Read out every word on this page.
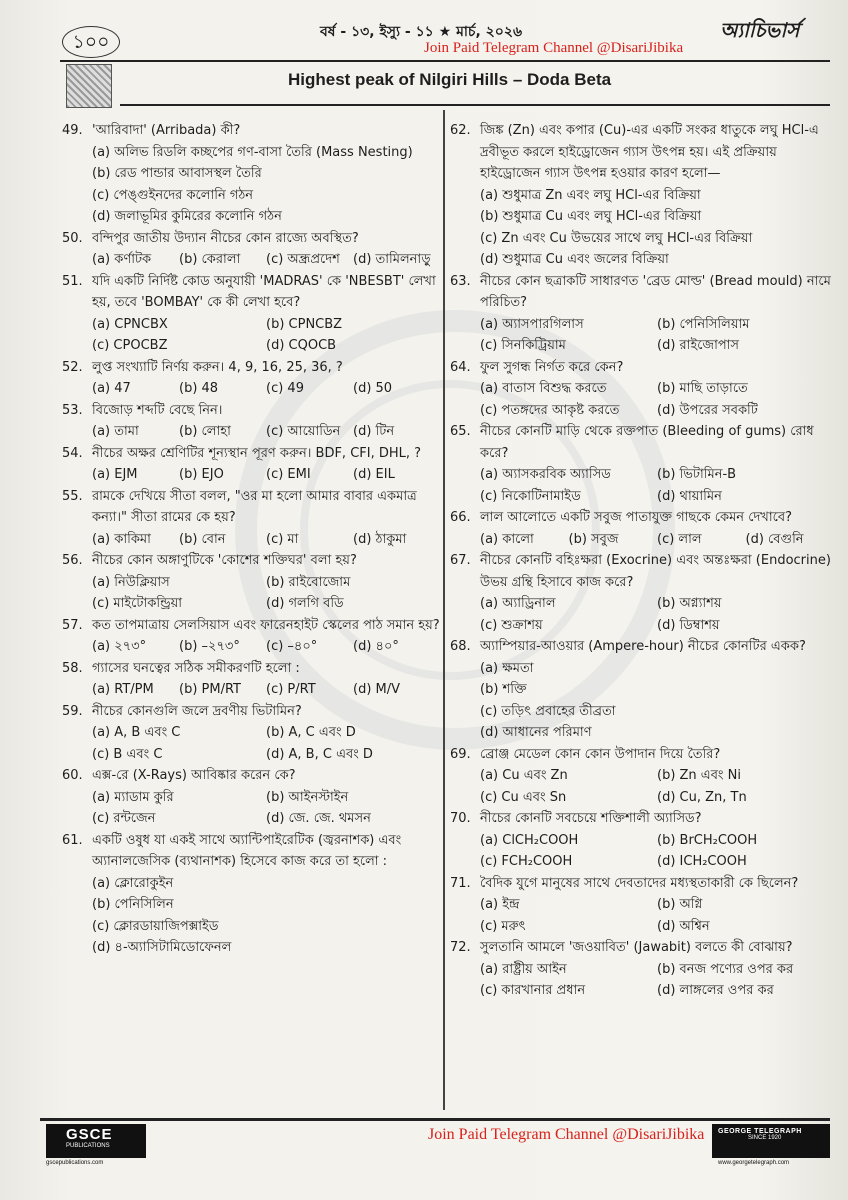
১০০	বর্ষ - ১৩, ইস্যু - ১১ ★ মার্চ, ২০২৬	অ্যাচিভার্স
Join Paid Telegram Channel @DisariJibika
Highest peak of Nilgiri Hills – Doda Beta
49. 'আরিবাদা' (Arribada) কী?
(a) অলিভ রিডলি কচ্ছপের গণ-বাসা তৈরি (Mass Nesting)
(b) রেড পান্ডার আবাসস্থল তৈরি
(c) পেঙ্গুইনদের কলোনি গঠন
(d) জলাভূমির কুমিরের কলোনি গঠন
50. বন্দিপুর জাতীয় উদ্যান নীচের কোন রাজ্যে অবস্থিত?
(a) কর্ণাটক	(b) কেরালা	(c) অন্ধ্রপ্রদেশ	(d) তামিলনাড়ু
51. যদি একটি নির্দিষ্ট কোড অনুযায়ী 'MADRAS' কে 'NBESBT' লেখা হয়, তবে 'BOMBAY' কে কী লেখা হবে?
(a) CPNCBX	(b) CPNCBZ
(c) CPOCBZ	(d) CQOCB
52. লুপ্ত সংখ্যাটি নির্ণয় করুন। 4, 9, 16, 25, 36, ?
(a) 47	(b) 48	(c) 49	(d) 50
53. বিজোড় শব্দটি বেছে নিন।
(a) তামা	(b) লোহা	(c) আয়োডিন (d) টিন
54. নীচের অক্ষর শ্রেণিটির শূন্যস্থান পূরণ করুন। BDF, CFI, DHL, ?
(a) EJM	(b) EJO	(c) EMI	(d) EIL
55. রামকে দেখিয়ে সীতা বলল, "ওর মা হলো আমার বাবার একমাত্র কন্যা।" সীতা রামের কে হয়?
(a) কাকিমা	(b) বোন	(c) মা	(d) ঠাকুমা
56. নীচের কোন অঙ্গাণুটিকে 'কোশের শক্তিঘর' বলা হয়?
(a) নিউক্লিয়াস	(b) রাইবোজোম
(c) মাইটোকন্ড্রিয়া	(d) গলগি বডি
57. কত তাপমাত্রায় সেলসিয়াস এবং ফারেনহাইট স্কেলের পাঠ সমান হয়?
(a) ২৭৩°	(b) –২৭৩°	(c) –৪০°	(d) ৪০°
58. গ্যাসের ঘনত্বের সঠিক সমীকরণটি হলো :
(a) RT/PM	(b) PM/RT	(c) P/RT	(d) M/V
59. নীচের কোনগুলি জলে দ্রবণীয় ভিটামিন?
(a) A, B এবং C	(b) A, C এবং D
(c) B এবং C	(d) A, B, C এবং D
60. এক্স-রে (X-Rays) আবিষ্কার করেন কে?
(a) ম্যাডাম কুরি	(b) আইনস্টাইন
(c) রন্টজেন	(d) জে. জে. থমসন
61. একটি ওষুধ যা একই সাথে অ্যান্টিপাইরেটিক (জ্বরনাশক) এবং অ্যানালজেসিক (ব্যথানাশক) হিসেবে কাজ করে তা হলো :
(a) ক্লোরোকুইন
(b) পেনিসিলিন
(c) ক্লোরডায়াজিপক্সাইড
(d) ৪-অ্যাসিটামিডোফেনল
62. জিঙ্ক (Zn) এবং কপার (Cu)-এর একটি সংকর ধাতুকে লঘু HCl-এ দ্রবীভূত করলে হাইড্রোজেন গ্যাস উৎপন্ন হয়। এই প্রক্রিয়ায় হাইড্রোজেন গ্যাস উৎপন্ন হওয়ার কারণ হলো—
(a) শুধুমাত্র Zn এবং লঘু HCl-এর বিক্রিয়া
(b) শুধুমাত্র Cu এবং লঘু HCl-এর বিক্রিয়া
(c) Zn এবং Cu উভয়ের সাথে লঘু HCl-এর বিক্রিয়া
(d) শুধুমাত্র Cu এবং জলের বিক্রিয়া
63. নীচের কোন ছত্রাকটি সাধারণত 'ব্রেড মোল্ড' (Bread mould) নামে পরিচিত?
(a) অ্যাসপারগিলাস	(b) পেনিসিলিয়াম
(c) সিনকিট্রিয়াম	(d) রাইজোপাস
64. ফুল সুগন্ধ নির্গত করে কেন?
(a) বাতাস বিশুদ্ধ করতে	(b) মাছি তাড়াতে
(c) পতঙ্গদের আকৃষ্ট করতে	(d) উপরের সবকটি
65. নীচের কোনটি মাড়ি থেকে রক্তপাত (Bleeding of gums) রোধ করে?
(a) অ্যাসকরবিক অ্যাসিড	(b) ভিটামিন-B
(c) নিকোটিনামাইড	(d) থায়ামিন
66. লাল আলোতে একটি সবুজ পাতাযুক্ত গাছকে কেমন দেখাবে?
(a) কালো	(b) সবুজ	(c) লাল	(d) বেগুনি
67. নীচের কোনটি বহিঃক্ষরা (Exocrine) এবং অন্তঃক্ষরা (Endocrine) উভয় গ্রন্থি হিসাবে কাজ করে?
(a) অ্যাড্রিনাল	(b) অগ্ন্যাশয়
(c) শুক্রাশয়	(d) ডিম্বাশয়
68. অ্যাম্পিয়ার-আওয়ার (Ampere-hour) নীচের কোনটির একক?
(a) ক্ষমতা
(b) শক্তি
(c) তড়িৎ প্রবাহের তীব্রতা
(d) আধানের পরিমাণ
69. ব্রোঞ্জ মেডেল কোন কোন উপাদান দিয়ে তৈরি?
(a) Cu এবং Zn	(b) Zn এবং Ni
(c) Cu এবং Sn	(d) Cu, Zn, Tn
70. নীচের কোনটি সবচেয়ে শক্তিশালী অ্যাসিড?
(a) ClCH₂COOH	(b) BrCH₂COOH
(c) FCH₂COOH	(d) ICH₂COOH
71. বৈদিক যুগে মানুষের সাথে দেবতাদের মধ্যস্থতাকারী কে ছিলেন?
(a) ইন্দ্র	(b) অগ্নি
(c) মরুৎ	(d) অশ্বিন
72. সুলতানি আমলে 'জওয়াবিত' (Jawabit) বলতে কী বোঝায়?
(a) রাষ্ট্রীয় আইন	(b) বনজ পণ্যের ওপর কর
(c) কারখানার প্রধান	(d) লাঙ্গলের ওপর কর
GSCE
PUBLICATIONS
gscepublications.com
Join Paid Telegram Channel @DisariJibika	GEORGE TELEGRAPH
SINCE 1920
www.georgetelegraph.com
